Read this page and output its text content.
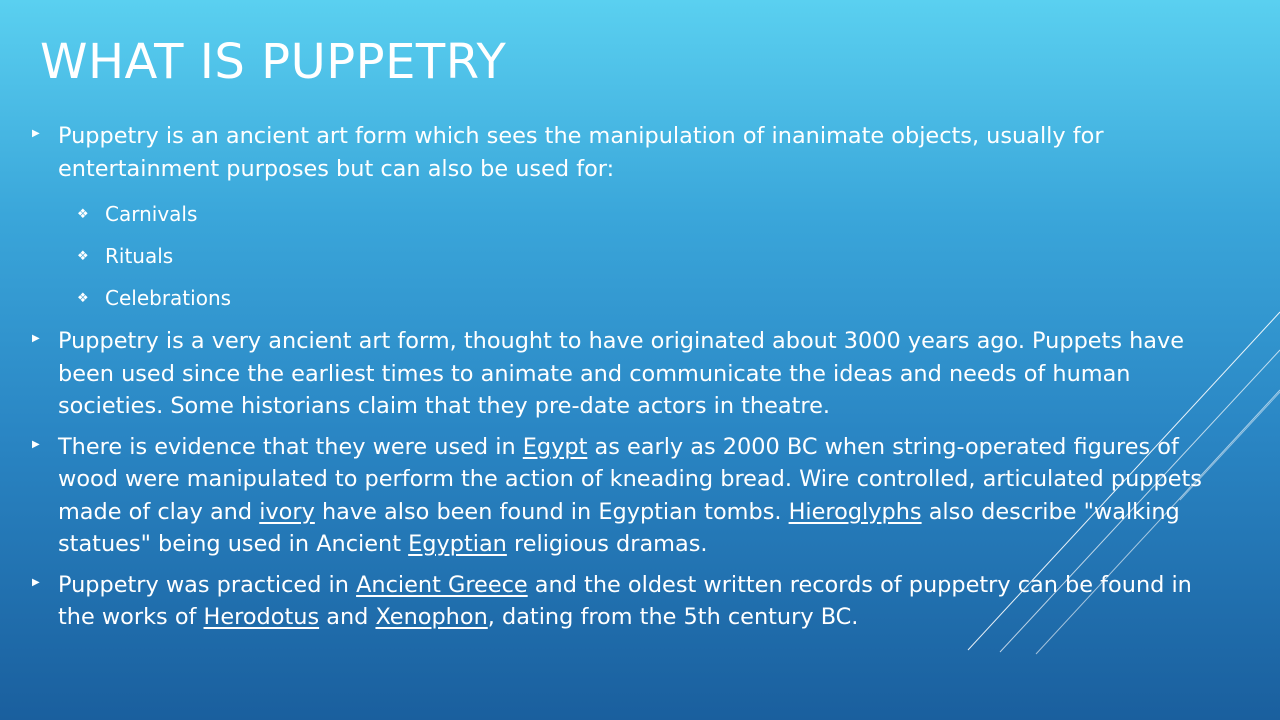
WHAT IS PUPPETRY
▶ Puppetry is an ancient art form which sees the manipulation of inanimate objects, usually for entertainment purposes but can also be used for:
❖ Carnivals
❖ Rituals
❖ Celebrations
▶ Puppetry is a very ancient art form, thought to have originated about 3000 years ago. Puppets have been used since the earliest times to animate and communicate the ideas and needs of human societies. Some historians claim that they pre-date actors in theatre.
▶ There is evidence that they were used in Egypt as early as 2000 BC when string-operated figures of wood were manipulated to perform the action of kneading bread. Wire controlled, articulated puppets made of clay and ivory have also been found in Egyptian tombs. Hieroglyphs also describe "walking statues" being used in Ancient Egyptian religious dramas.
▶ Puppetry was practiced in Ancient Greece and the oldest written records of puppetry can be found in the works of Herodotus and Xenophon, dating from the 5th century BC.
